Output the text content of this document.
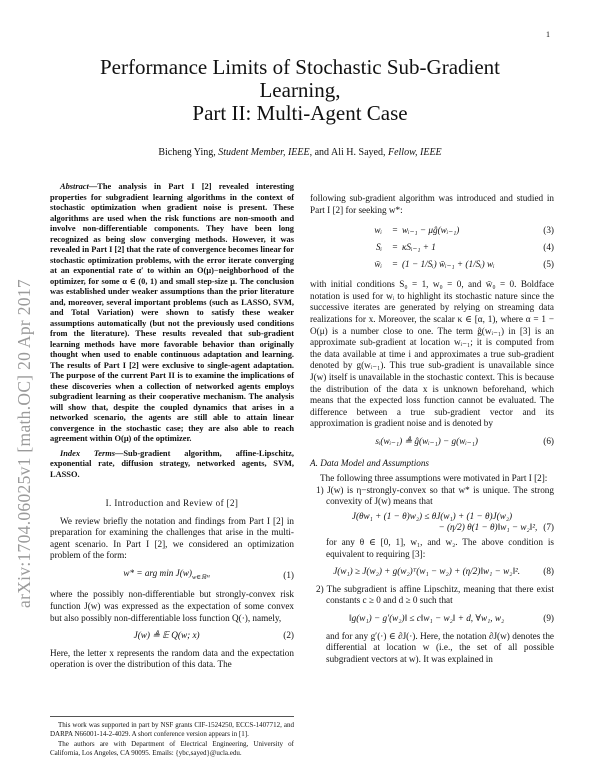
1
arXiv:1704.06025v1 [math.OC] 20 Apr 2017
Performance Limits of Stochastic Sub-Gradient
Learning,
Part II: Multi-Agent Case
Bicheng Ying, Student Member, IEEE, and Ali H. Sayed, Fellow, IEEE

Abstract—The analysis in Part I [2] revealed interesting properties for subgradient learning algorithms in the context of stochastic optimization when gradient noise is present. These algorithms are used when the risk functions are non-smooth and involve non-differentiable components. They have been long recognized as being slow converging methods. However, it was revealed in Part I [2] that the rate of convergence becomes linear for stochastic optimization problems, with the error iterate converging at an exponential rate α′ to within an O(μ)−neighborhood of the optimizer, for some α ∈ (0, 1) and small step-size μ. The conclusion was established under weaker assumptions than the prior literature and, moreover, several important problems (such as LASSO, SVM, and Total Variation) were shown to satisfy these weaker assumptions automatically (but not the previously used conditions from the literature). These results revealed that sub-gradient learning methods have more favorable behavior than originally thought when used to enable continuous adaptation and learning. The results of Part I [2] were exclusive to single-agent adaptation. The purpose of the current Part II is to examine the implications of these discoveries when a collection of networked agents employs subgradient learning as their cooperative mechanism. The analysis will show that, despite the coupled dynamics that arises in a networked scenario, the agents are still able to attain linear convergence in the stochastic case; they are also able to reach agreement within O(μ) of the optimizer.

Index Terms—Sub-gradient algorithm, affine-Lipschitz, exponential rate, diffusion strategy, networked agents, SVM, LASSO.

I. Introduction and Review of [2]

We review briefly the notation and findings from Part I [2] in preparation for examining the challenges that arise in the multi-agent scenario. In Part I [2], we considered an optimization problem of the form:

w* = arg $\min J(w)_{w\in ℝᴹ}$	(1)

where the possibly non-differentiable but strongly-convex risk function J(w) was expressed as the expectation of some convex but also possibly non-differentiable loss function Q(·), namely,

J(w) ≜ 𝔼 Q(w; x)	(2)

Here, the letter x represents the random data and the expectation operation is over the distribution of this data. The

This work was supported in part by NSF grants CIF-1524250, ECCS-1407712, and DARPA N66001-14-2-4029. A short conference version appears in [1].

The authors are with Department of Electrical Engineering, University of California, Los Angeles, CA 90095. Emails: {ybc,sayed}@ucla.edu.

following sub-gradient algorithm was introduced and studied in Part I [2] for seeking w*:

wᵢ	= wᵢ₋₁ − μĝ(wᵢ₋₁)	(3)
Sᵢ	= κSᵢ₋₁ + 1	(4)
w̄ᵢ	= (1 − 1/Sᵢ) w̄ᵢ₋₁ + (1/Sᵢ) wᵢ	(5)

with initial conditions S₀ = 1, w₀ = 0, and w̄₀ = 0. Boldface notation is used for wᵢ to highlight its stochastic nature since the successive iterates are generated by relying on streaming data realizations for x. Moreover, the scalar κ ∈ [α, 1), where α = 1 − O(μ) is a number close to one. The term ĝ(wᵢ₋₁) in [3] is an approximate sub-gradient at location wᵢ₋₁; it is computed from the data available at time i and approximates a true sub-gradient denoted by g(wᵢ₋₁). This true sub-gradient is unavailable since J(w) itself is unavailable in the stochastic context. This is because the distribution of the data x is unknown beforehand, which means that the expected loss function cannot be evaluated. The difference between a true sub-gradient vector and its approximation is gradient noise and is denoted by

sᵢ(wᵢ₋₁) ≜ ĝ(wᵢ₋₁) − g(wᵢ₋₁)	(6)
A. Data Model and Assumptions

The following three assumptions were motivated in Part I [2]:

1) J(w) is η−strongly-convex so that w* is unique. The strong convexity of J(w) means that

J(θw₁ + (1 − θ)w₂) ≤ θJ(w₁) + (1 − θ)J(w₂)
− (η/2) θ(1 − θ)‖w₁ − w₂‖², (7)

for any θ ∈ [0, 1], w₁, and w₂. The above condition is equivalent to requiring [3]:

J(w₁) ≥ J(w₂) + g(w₂)ᵀ(w₁ − w₂) + (η/2)‖w₁ − w₂‖².	(8)

2) The subgradient is affine Lipschitz, meaning that there exist constants c ≥ 0 and d ≥ 0 such that

‖g(w₁) − g′(w₂)‖ ≤ c‖w₁ − w₂‖ + d, ∀w₁, w₂	(9)

and for any g′(·) ∈ ∂J(·). Here, the notation ∂J(w) denotes the differential at location w (i.e., the set of all possible subgradient vectors at w). It was explained in
